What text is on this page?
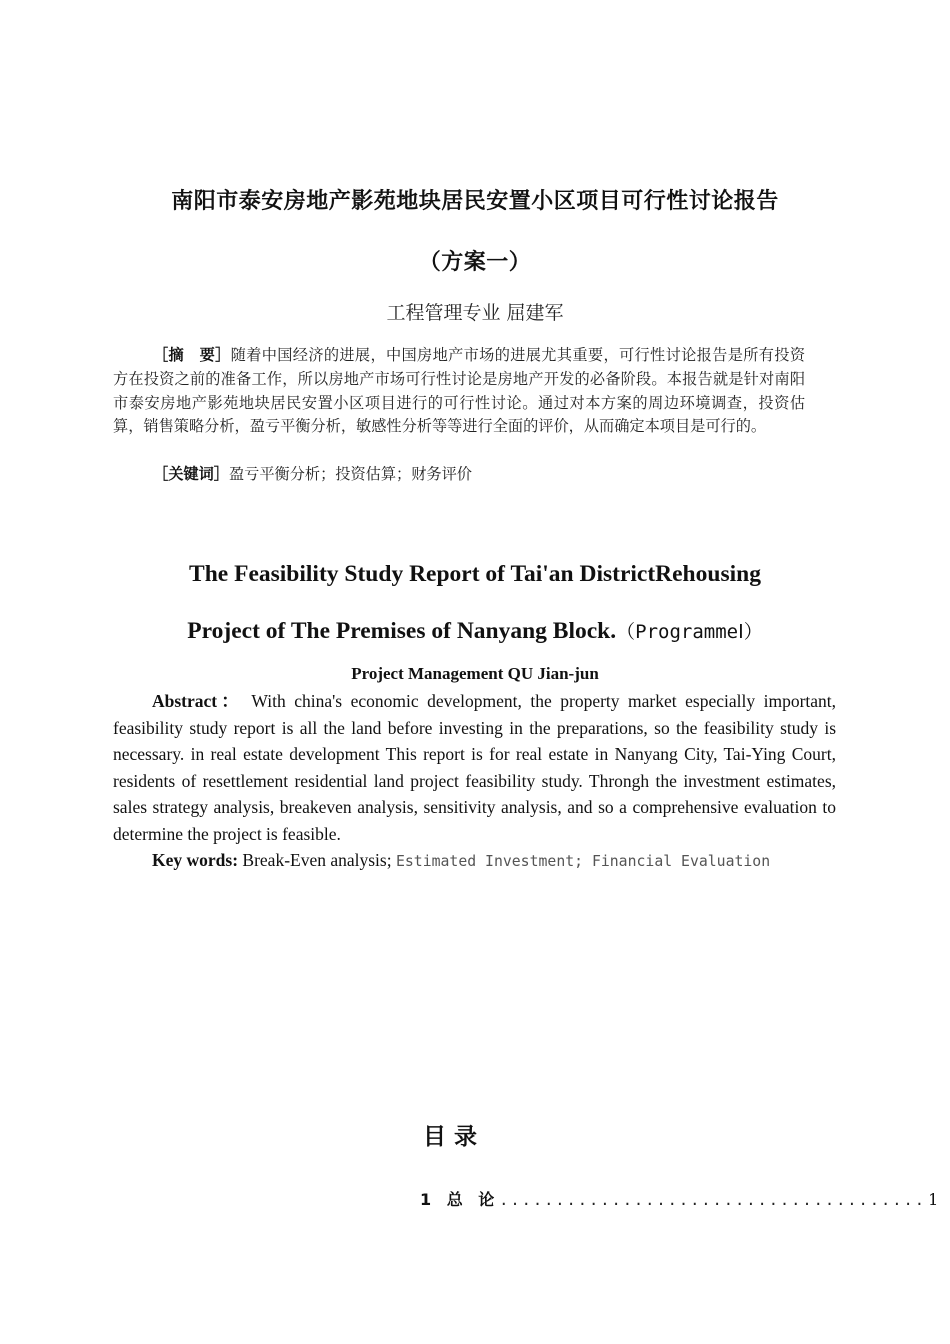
南阳市泰安房地产影苑地块居民安置小区项目可行性讨论报告
（方案一）
工程管理专业 屈建军
［摘　要］随着中国经济的进展，中国房地产市场的进展尤其重要，可行性讨论报告是所有投资方在投资之前的准备工作，所以房地产市场可行性讨论是房地产开发的必备阶段。本报告就是针对南阳市泰安房地产影苑地块居民安置小区项目进行的可行性讨论。通过对本方案的周边环境调查，投资估算，销售策略分析，盈亏平衡分析，敏感性分析等等进行全面的评价，从而确定本项目是可行的。
［关键词］盈亏平衡分析；投资估算；财务评价
The Feasibility Study Report of Tai'an DistrictRehousing
Project of The Premises of Nanyang Block.（ProgrammeⅠ）
Project Management QU Jian-jun
Abstract： With china's economic development, the property market especially important, feasibility study report is all the land before investing in the preparations, so the feasibility study is necessary. in real estate development This report is for real estate in Nanyang City, Tai-Ying Court, residents of resettlement residential land project feasibility study. Throngh the investment estimates, sales strategy analysis, breakeven analysis, sensitivity analysis, and so a comprehensive evaluation to determine the project is feasible.
Key words: Break-Even analysis; Estimated Investment; Financial Evaluation
目录
1 总 论 ...................................... 1
